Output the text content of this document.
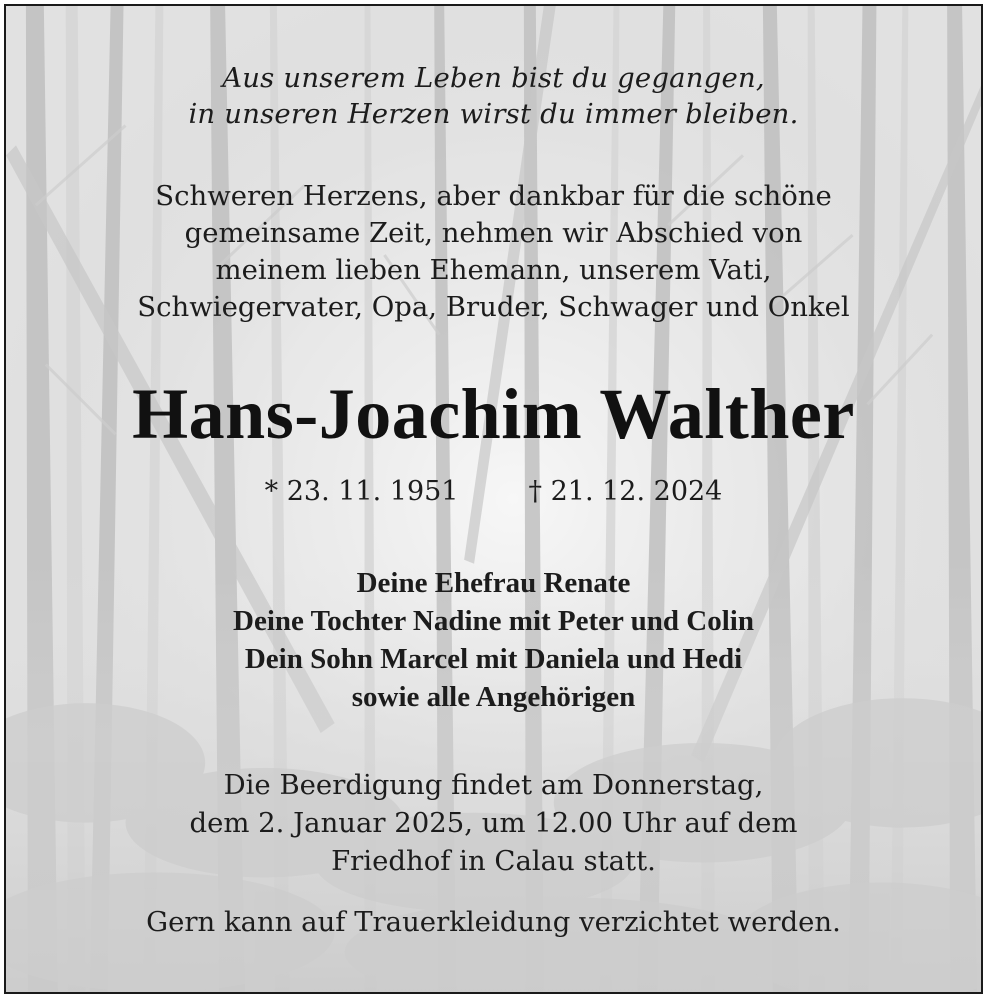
Aus unserem Leben bist du gegangen,
in unseren Herzen wirst du immer bleiben.
Schweren Herzens, aber dankbar für die schöne
gemeinsame Zeit, nehmen wir Abschied von
meinem lieben Ehemann, unserem Vati,
Schwiegervater, Opa, Bruder, Schwager und Onkel
Hans-Joachim Walther
* 23. 11. 1951	† 21. 12. 2024
Deine Ehefrau Renate
Deine Tochter Nadine mit Peter und Colin
Dein Sohn Marcel mit Daniela und Hedi
sowie alle Angehörigen
Die Beerdigung findet am Donnerstag,
dem 2. Januar 2025, um 12.00 Uhr auf dem
Friedhof in Calau statt.
Gern kann auf Trauerkleidung verzichtet werden.
